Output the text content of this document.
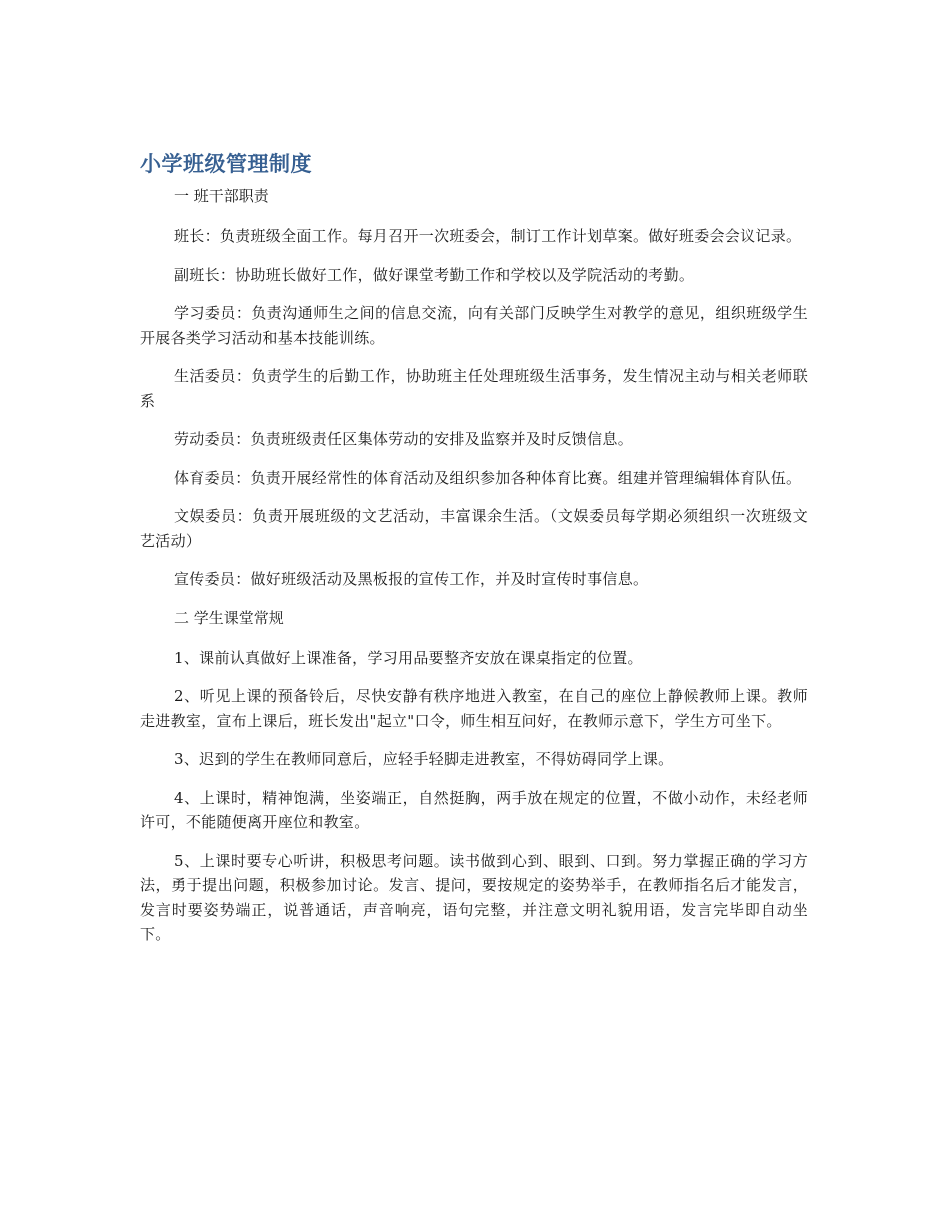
小学班级管理制度

一 班干部职责

班长：负责班级全面工作。每月召开一次班委会，制订工作计划草案。做好班委会会议记录。

副班长：协助班长做好工作，做好课堂考勤工作和学校以及学院活动的考勤。

学习委员：负责沟通师生之间的信息交流，向有关部门反映学生对教学的意见，组织班级学生开展各类学习活动和基本技能训练。

生活委员：负责学生的后勤工作，协助班主任处理班级生活事务，发生情况主动与相关老师联系

劳动委员：负责班级责任区集体劳动的安排及监察并及时反馈信息。

体育委员：负责开展经常性的体育活动及组织参加各种体育比赛。组建并管理编辑体育队伍。

文娱委员：负责开展班级的文艺活动，丰富课余生活。（文娱委员每学期必须组织一次班级文艺活动）

宣传委员：做好班级活动及黑板报的宣传工作，并及时宣传时事信息。

二 学生课堂常规

1、课前认真做好上课准备，学习用品要整齐安放在课桌指定的位置。

2、听见上课的预备铃后，尽快安静有秩序地进入教室，在自己的座位上静候教师上课。教师走进教室，宣布上课后，班长发出"起立"口令，师生相互问好，在教师示意下，学生方可坐下。

3、迟到的学生在教师同意后，应轻手轻脚走进教室，不得妨碍同学上课。

4、上课时，精神饱满，坐姿端正，自然挺胸，两手放在规定的位置，不做小动作，未经老师许可，不能随便离开座位和教室。

5、上课时要专心听讲，积极思考问题。读书做到心到、眼到、口到。努力掌握正确的学习方法，勇于提出问题，积极参加讨论。发言、提问，要按规定的姿势举手，在教师指名后才能发言，发言时要姿势端正，说普通话，声音响亮，语句完整，并注意文明礼貌用语，发言完毕即自动坐下。
